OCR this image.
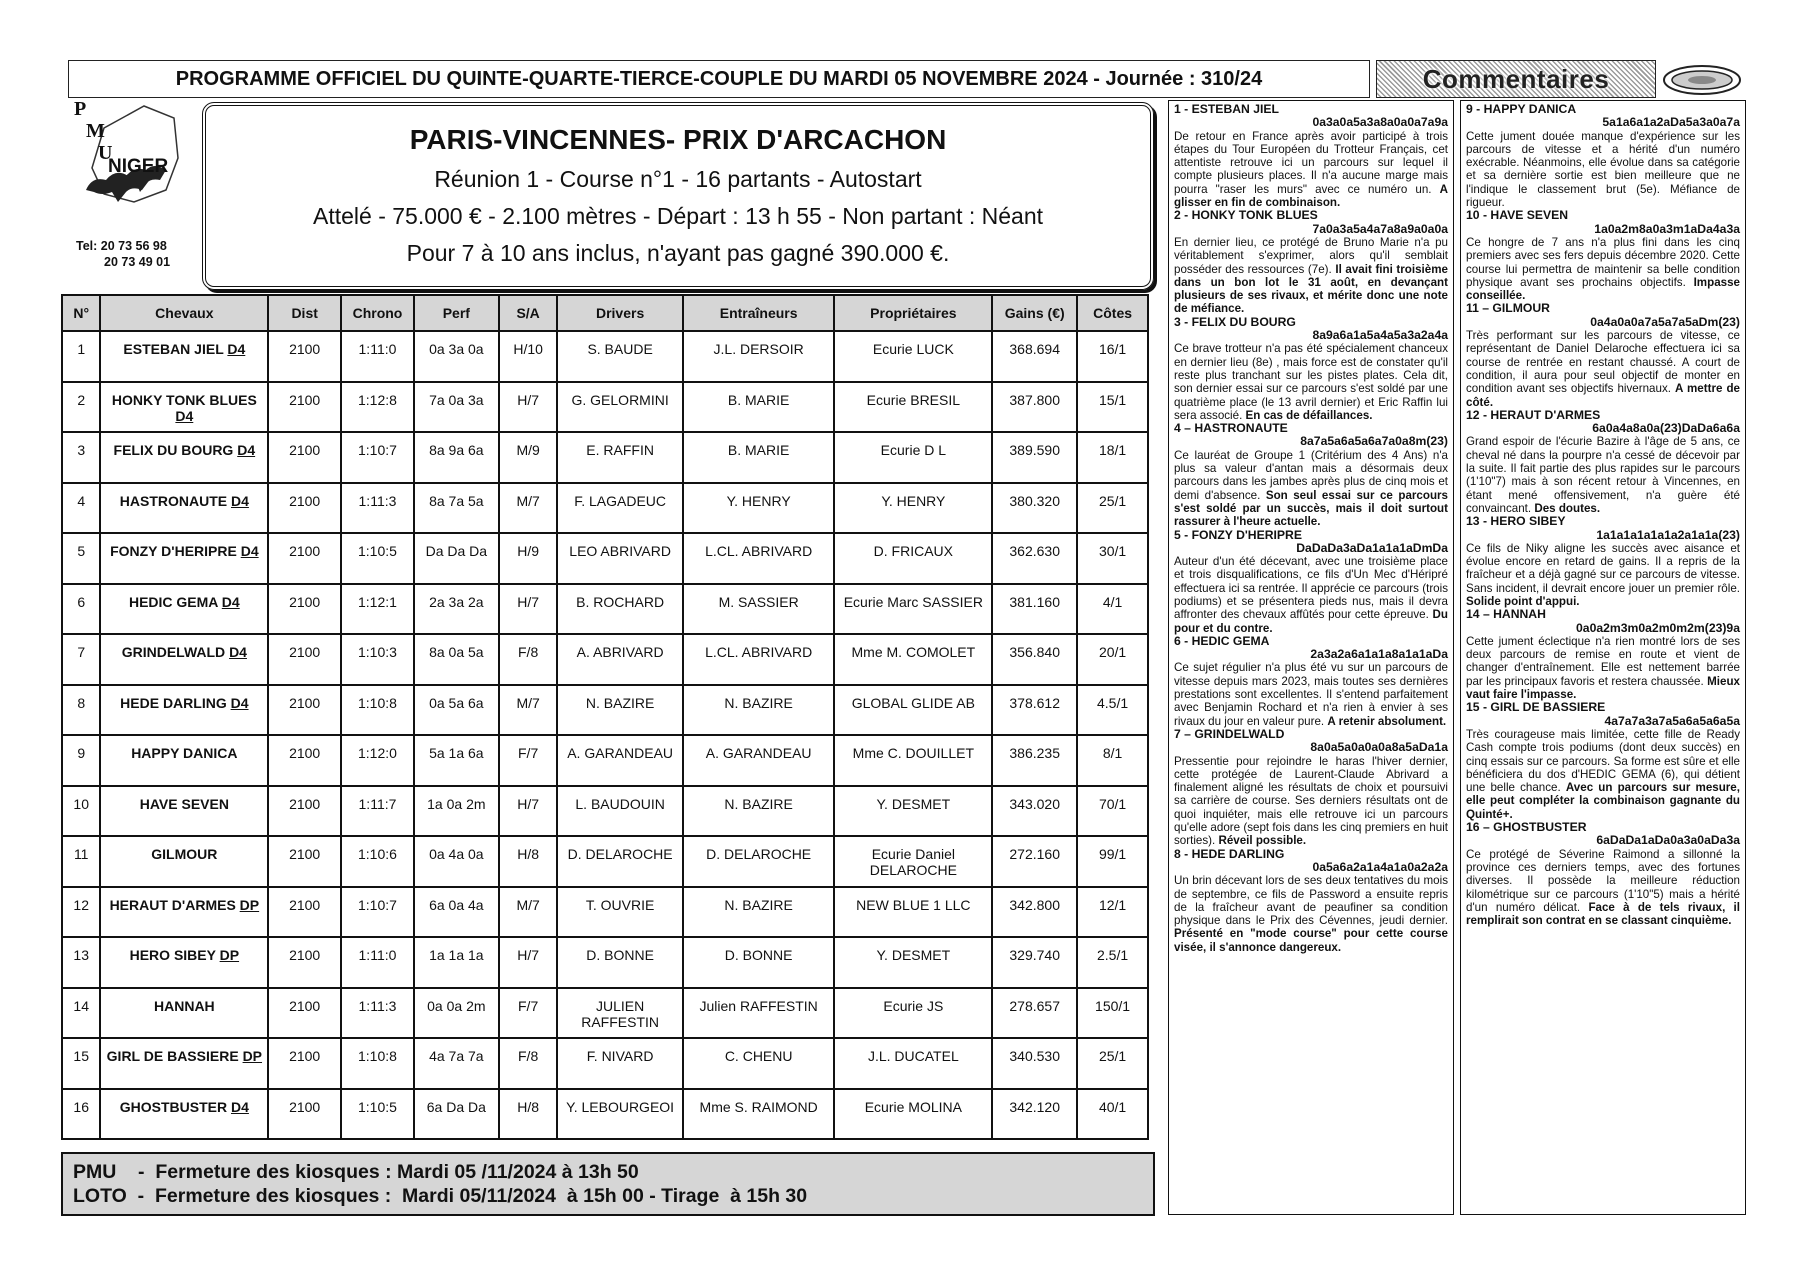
PROGRAMME OFFICIEL DU QUINTE-QUARTE-TIERCE-COUPLE DU MARDI 05 NOVEMBRE 2024 - Journée : 310/24	Commentaires
P
M
U
NIGER
Tel: 20 73 56 98
20 73 49 01
PARIS-VINCENNES- PRIX D'ARCACHON
Réunion 1 - Course n°1 - 16 partants - Autostart
Attelé - 75.000 € - 2.100 mètres - Départ : 13 h 55 - Non partant : Néant
Pour 7 à 10 ans inclus, n'ayant pas gagné 390.000 €.
N°	Chevaux	Dist	Chrono	Perf	S/A	Drivers	Entraîneurs	Propriétaires	Gains (€)	Côtes
1	ESTEBAN JIEL D4	2100	1:11:0	0a 3a 0a	H/10	S. BAUDE	J.L. DERSOIR	Ecurie LUCK	368.694	16/1
2	HONKY TONK BLUES D4	2100	1:12:8	7a 0a 3a	H/7	G. GELORMINI	B. MARIE	Ecurie BRESIL	387.800	15/1
3	FELIX DU BOURG D4	2100	1:10:7	8a 9a 6a	M/9	E. RAFFIN	B. MARIE	Ecurie D L	389.590	18/1
4	HASTRONAUTE D4	2100	1:11:3	8a 7a 5a	M/7	F. LAGADEUC	Y. HENRY	Y. HENRY	380.320	25/1
5	FONZY D'HERIPRE D4	2100	1:10:5	Da Da Da	H/9	LEO ABRIVARD	L.CL. ABRIVARD	D. FRICAUX	362.630	30/1
6	HEDIC GEMA D4	2100	1:12:1	2a 3a 2a	H/7	B. ROCHARD	M. SASSIER	Ecurie Marc SASSIER	381.160	4/1
7	GRINDELWALD D4	2100	1:10:3	8a 0a 5a	F/8	A. ABRIVARD	L.CL. ABRIVARD	Mme M. COMOLET	356.840	20/1
8	HEDE DARLING D4	2100	1:10:8	0a 5a 6a	M/7	N. BAZIRE	N. BAZIRE	GLOBAL GLIDE AB	378.612	4.5/1
9	HAPPY DANICA	2100	1:12:0	5a 1a 6a	F/7	A. GARANDEAU	A. GARANDEAU	Mme C. DOUILLET	386.235	8/1
10	HAVE SEVEN	2100	1:11:7	1a 0a 2m	H/7	L. BAUDOUIN	N. BAZIRE	Y. DESMET	343.020	70/1
11	GILMOUR	2100	1:10:6	0a 4a 0a	H/8	D. DELAROCHE	D. DELAROCHE	Ecurie Daniel DELAROCHE	272.160	99/1
12	HERAUT D'ARMES DP	2100	1:10:7	6a 0a 4a	M/7	T. OUVRIE	N. BAZIRE	NEW BLUE 1 LLC	342.800	12/1
13	HERO SIBEY DP	2100	1:11:0	1a 1a 1a	H/7	D. BONNE	D. BONNE	Y. DESMET	329.740	2.5/1
14	HANNAH	2100	1:11:3	0a 0a 2m	F/7	JULIEN RAFFESTIN	Julien RAFFESTIN	Ecurie JS	278.657	150/1
15	GIRL DE BASSIERE DP	2100	1:10:8	4a 7a 7a	F/8	F. NIVARD	C. CHENU	J.L. DUCATEL	340.530	25/1
16	GHOSTBUSTER D4	2100	1:10:5	6a Da Da	H/8	Y. LEBOURGEOI	Mme S. RAIMOND	Ecurie MOLINA	342.120	40/1
PMU    -  Fermeture des kiosques : Mardi 05 /11/2024 à 13h 50
LOTO  -  Fermeture des kiosques :  Mardi 05/11/2024  à 15h 00 - Tirage  à 15h 30
1 - ESTEBAN JIEL
0a3a0a5a3a8a0a0a7a9a

De retour en France après avoir participé à trois étapes du Tour Européen du Trotteur Français, cet attentiste retrouve ici un parcours sur lequel il compte plusieurs places. Il n'a aucune marge mais pourra "raser les murs" avec ce numéro un. A glisser en fin de combinaison.

2 - HONKY TONK BLUES
7a0a3a5a4a7a8a9a0a0a

En dernier lieu, ce protégé de Bruno Marie n'a pu véritablement s'exprimer, alors qu'il semblait posséder des ressources (7e). Il avait fini troisième dans un bon lot le 31 août, en devançant plusieurs de ses rivaux, et mérite donc une note de méfiance.

3 - FELIX DU BOURG
8a9a6a1a5a4a5a3a2a4a

Ce brave trotteur n'a pas été spécialement chanceux en dernier lieu (8e) , mais force est de constater qu'il reste plus tranchant sur les pistes plates. Cela dit, son dernier essai sur ce parcours s'est soldé par une quatrième place (le 13 avril dernier) et Eric Raffin lui sera associé. En cas de défaillances.

4 – HASTRONAUTE
8a7a5a6a5a6a7a0a8m(23)

Ce lauréat de Groupe 1 (Critérium des 4 Ans) n'a plus sa valeur d'antan mais a désormais deux parcours dans les jambes après plus de cinq mois et demi d'absence. Son seul essai sur ce parcours s'est soldé par un succès, mais il doit surtout rassurer à l'heure actuelle.

5 - FONZY D'HERIPRE
DaDaDa3aDa1a1a1aDmDa

Auteur d'un été décevant, avec une troisième place et trois disqualifications, ce fils d'Un Mec d'Héripré effectuera ici sa rentrée. Il apprécie ce parcours (trois podiums) et se présentera pieds nus, mais il devra affronter des chevaux affûtés pour cette épreuve. Du pour et du contre.

6 - HEDIC GEMA
2a3a2a6a1a1a8a1a1aDa

Ce sujet régulier n'a plus été vu sur un parcours de vitesse depuis mars 2023, mais toutes ses dernières prestations sont excellentes. Il s'entend parfaitement avec Benjamin Rochard et n'a rien à envier à ses rivaux du jour en valeur pure. A retenir absolument.

7 – GRINDELWALD
8a0a5a0a0a0a8a5aDa1a

Pressentie pour rejoindre le haras l'hiver dernier, cette protégée de Laurent-Claude Abrivard a finalement aligné les résultats de choix et poursuivi sa carrière de course. Ses derniers résultats ont de quoi inquiéter, mais elle retrouve ici un parcours qu'elle adore (sept fois dans les cinq premiers en huit sorties). Réveil possible.

8 - HEDE DARLING
0a5a6a2a1a4a1a0a2a2a

Un brin décevant lors de ses deux tentatives du mois de septembre, ce fils de Password a ensuite repris de la fraîcheur avant de peaufiner sa condition physique dans le Prix des Cévennes, jeudi dernier. Présenté en "mode course" pour cette course visée, il s'annonce dangereux.

9 - HAPPY DANICA
5a1a6a1a2aDa5a3a0a7a

Cette jument douée manque d'expérience sur les parcours de vitesse et a hérité d'un numéro exécrable. Néanmoins, elle évolue dans sa catégorie et sa dernière sortie est bien meilleure que ne l'indique le classement brut (5e). Méfiance de rigueur.

10 - HAVE SEVEN
1a0a2m8a0a3m1aDa4a3a

Ce hongre de 7 ans n'a plus fini dans les cinq premiers avec ses fers depuis décembre 2020. Cette course lui permettra de maintenir sa belle condition physique avant ses prochains objectifs. Impasse conseillée.

11 – GILMOUR
0a4a0a0a7a5a7a5aDm(23)

Très performant sur les parcours de vitesse, ce représentant de Daniel Delaroche effectuera ici sa course de rentrée en restant chaussé. A court de condition, il aura pour seul objectif de monter en condition avant ses objectifs hivernaux. A mettre de côté.

12 - HERAUT D'ARMES
6a0a4a8a0a(23)DaDa6a6a

Grand espoir de l'écurie Bazire à l'âge de 5 ans, ce cheval né dans la pourpre n'a cessé de décevoir par la suite. Il fait partie des plus rapides sur le parcours (1'10"7) mais à son récent retour à Vincennes, en étant mené offensivement, n'a guère été convaincant. Des doutes.

13 - HERO SIBEY
1a1a1a1a1a1a2a1a1a(23)

Ce fils de Niky aligne les succès avec aisance et évolue encore en retard de gains. Il a repris de la fraîcheur et a déjà gagné sur ce parcours de vitesse. Sans incident, il devrait encore jouer un premier rôle. Solide point d'appui.

14 – HANNAH
0a0a2m3m0a2m0m2m(23)9a

Cette jument éclectique n'a rien montré lors de ses deux parcours de remise en route et vient de changer d'entraînement. Elle est nettement barrée par les principaux favoris et restera chaussée. Mieux vaut faire l'impasse.

15 - GIRL DE BASSIERE
4a7a7a3a7a5a6a5a6a5a

Très courageuse mais limitée, cette fille de Ready Cash compte trois podiums (dont deux succès) en cinq essais sur ce parcours. Sa forme est sûre et elle bénéficiera du dos d'HEDIC GEMA (6), qui détient une belle chance. Avec un parcours sur mesure, elle peut compléter la combinaison gagnante du Quinté+.

16 – GHOSTBUSTER
6aDaDa1aDa0a3a0aDa3a

Ce protégé de Séverine Raimond a sillonné la province ces derniers temps, avec des fortunes diverses. Il possède la meilleure réduction kilométrique sur ce parcours (1'10"5) mais a hérité d'un numéro délicat. Face à de tels rivaux, il remplirait son contrat en se classant cinquième.
